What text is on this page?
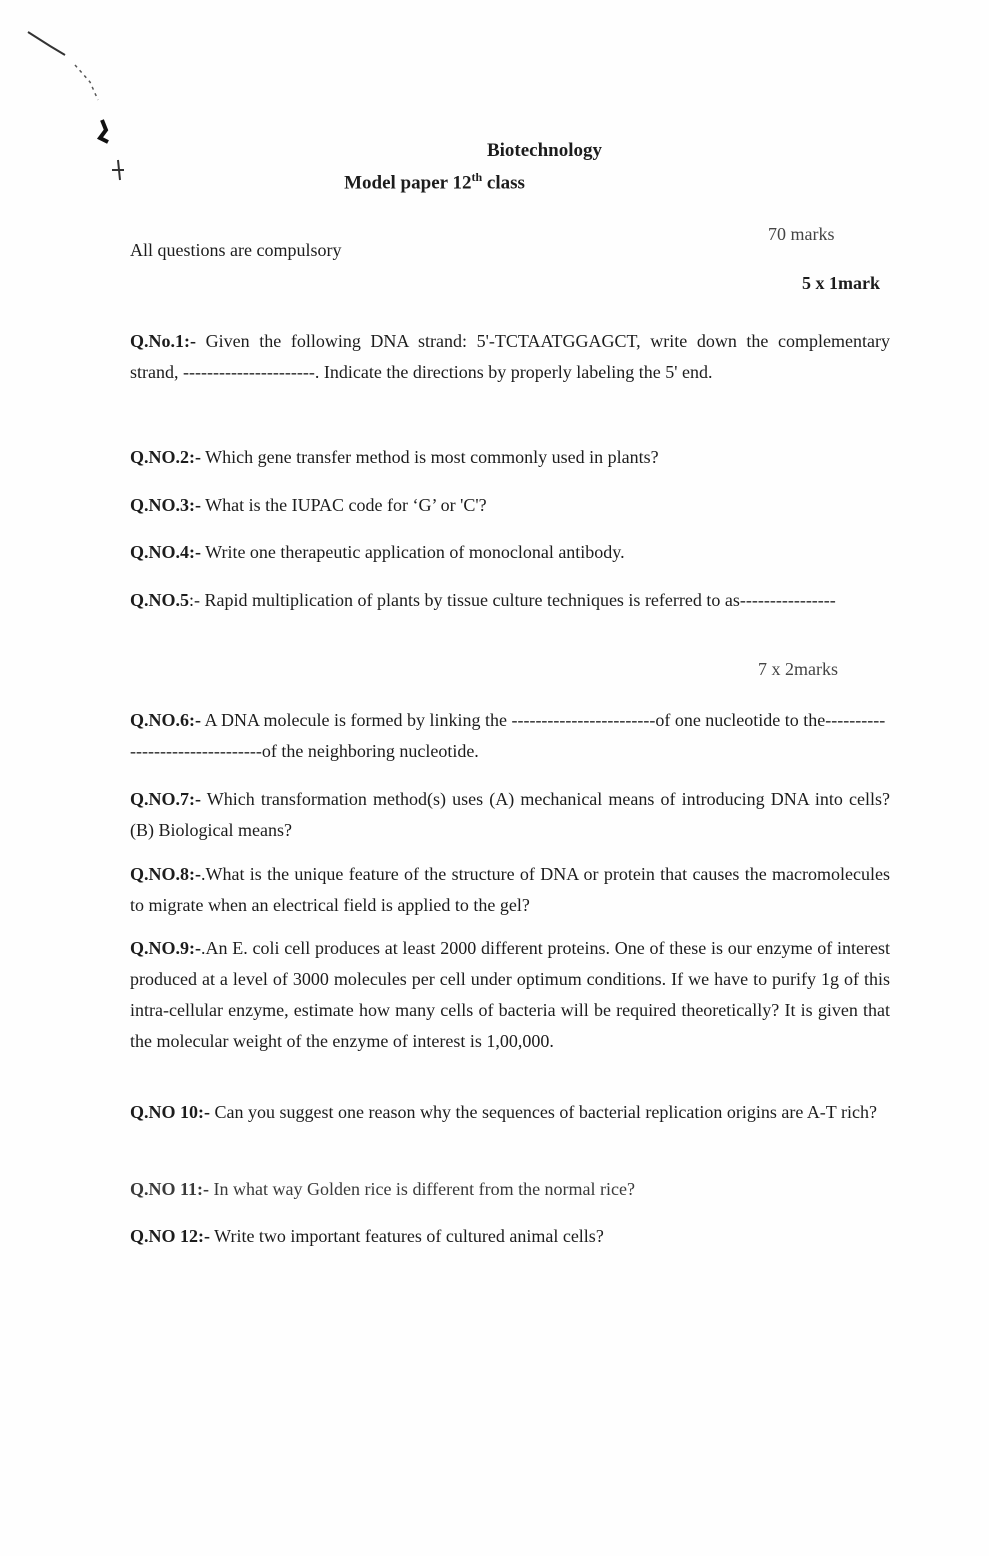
Biotechnology
Model paper 12th class
70 marks
All questions are compulsory
5 x 1mark
Q.No.1:- Given the following DNA strand: 5'-TCTAATGGAGCT, write down the complementary strand, ----------------------. Indicate the directions by properly labeling the 5' end.
Q.NO.2:- Which gene transfer method is most commonly used in plants?
Q.NO.3:- What is the IUPAC code for ‘G’ or 'C'?
Q.NO.4:- Write one therapeutic application of monoclonal antibody.
Q.NO.5:- Rapid multiplication of plants by tissue culture techniques is referred to as----------------
7 x 2marks
Q.NO.6:- A DNA molecule is formed by linking the ------------------------of one nucleotide to the--------------------------------of the neighboring nucleotide.
Q.NO.7:- Which transformation method(s) uses (A) mechanical means of introducing DNA into cells? (B) Biological means?
Q.NO.8:-.What is the unique feature of the structure of DNA or protein that causes the macromolecules to migrate when an electrical field is applied to the gel?
Q.NO.9:-.An E. coli cell produces at least 2000 different proteins. One of these is our enzyme of interest produced at a level of 3000 molecules per cell under optimum conditions. If we have to purify 1g of this intra-cellular enzyme, estimate how many cells of bacteria will be required theoretically? It is given that the molecular weight of the enzyme of interest is 1,00,000.
Q.NO 10:- Can you suggest one reason why the sequences of bacterial replication origins are A-T rich?
Q.NO 11:- In what way Golden rice is different from the normal rice?
Q.NO 12:- Write two important features of cultured animal cells?
